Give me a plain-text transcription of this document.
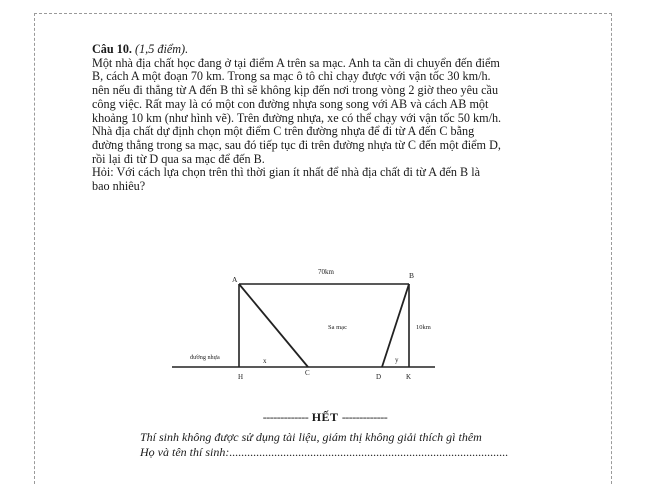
Câu 10. (1,5 điểm).

Một nhà địa chất học đang ở tại điểm A trên sa mạc. Anh ta cần di chuyển đến điểm

B, cách A một đoạn 70 km. Trong sa mạc ô tô chỉ chạy được với vận tốc 30 km/h.

nên nếu đi thẳng từ A đến B thì sẽ không kịp đến nơi trong vòng 2 giờ theo yêu cầu

công việc. Rất may là có một con đường nhựa song song với AB và cách AB một

khoảng 10 km (như hình vẽ). Trên đường nhựa, xe có thể chạy với vận tốc 50 km/h.

Nhà địa chất dự định chọn một điểm C trên đường nhựa để đi từ A đến C bằng

đường thẳng trong sa mạc, sau đó tiếp tục đi trên đường nhựa từ C đến một điểm D,

rồi lại đi từ D qua sa mạc để đến B.

Hỏi: Với cách lựa chọn trên thì thời gian ít nhất để nhà địa chất đi từ A đến B là

bao nhiêu?

A	B
70km
Sa mạc	10km
đường nhựa	x	y
H	C	D	K
------------- HẾT -------------
Thí sinh không được sử dụng tài liệu, giám thị không giải thích gì thêm
Họ và tên thí sinh:.............................................................................................
